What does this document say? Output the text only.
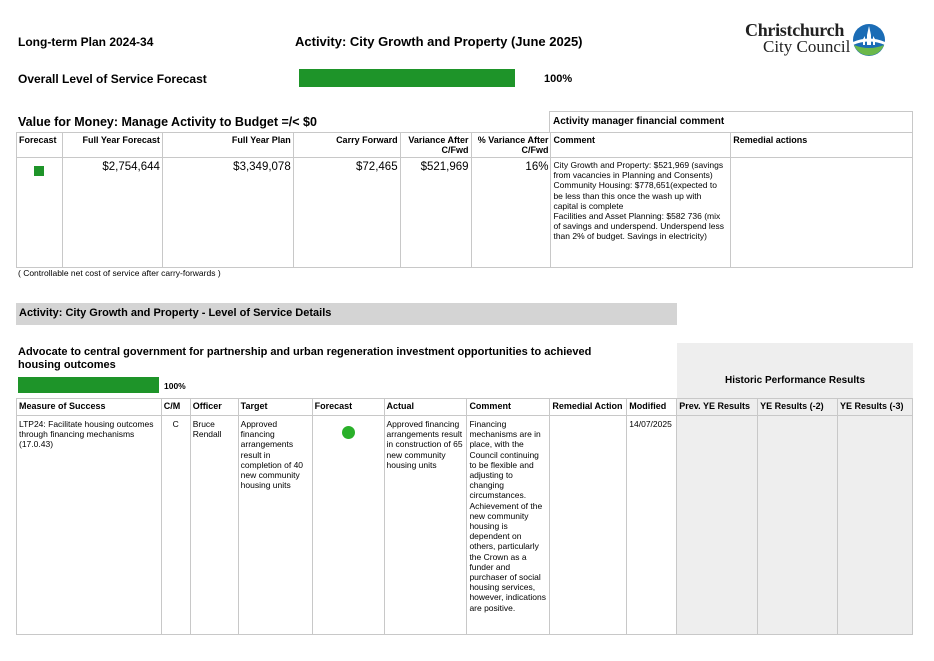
Long-term Plan 2024-34	Activity: City Growth and Property (June 2025)
Christchurch
City Council
Overall Level of Service Forecast	100%
Value for Money: Manage Activity to Budget =/< $0	Activity manager financial comment
Forecast	Full Year Forecast	Full Year Plan	Carry Forward	Variance After C/Fwd	% Variance After C/Fwd	Comment	Remedial actions

	$2,754,644	$3,349,078	$72,465	$521,969	16%	City Growth and Property: $521,969 (savings from vacancies in Planning and Consents)
Community Housing: $778,651(expected to be less than this once the wash up with capital is complete
Facilities and Asset Planning: $582 736 (mix of savings and underspend. Underspend less than 2% of budget. Savings in electricity)	
( Controllable net cost of service after carry-forwards )
Activity: City Growth and Property - Level of Service Details
Advocate to central government for partnership and urban regeneration investment opportunities to achieved housing outcomes
Historic Performance Results
100%
Measure of Success	C/M	Officer	Target	Forecast	Actual	Comment	Remedial Action	Modified	Prev. YE Results	YE Results (-2)	YE Results (-3)
LTP24: Facilitate housing outcomes through financing mechanisms (17.0.43)	C	Bruce Rendall	Approved financing arrangements result in completion of 40 new community housing units		Approved financing arrangements result in construction of 65 new community housing units	Financing mechanisms are in place, with the Council continuing to be flexible and adjusting to changing circumstances. Achievement of the new community housing is dependent on others, particularly the Crown as a funder and purchaser of social housing services, however, indications are positive.		14/07/2025			
